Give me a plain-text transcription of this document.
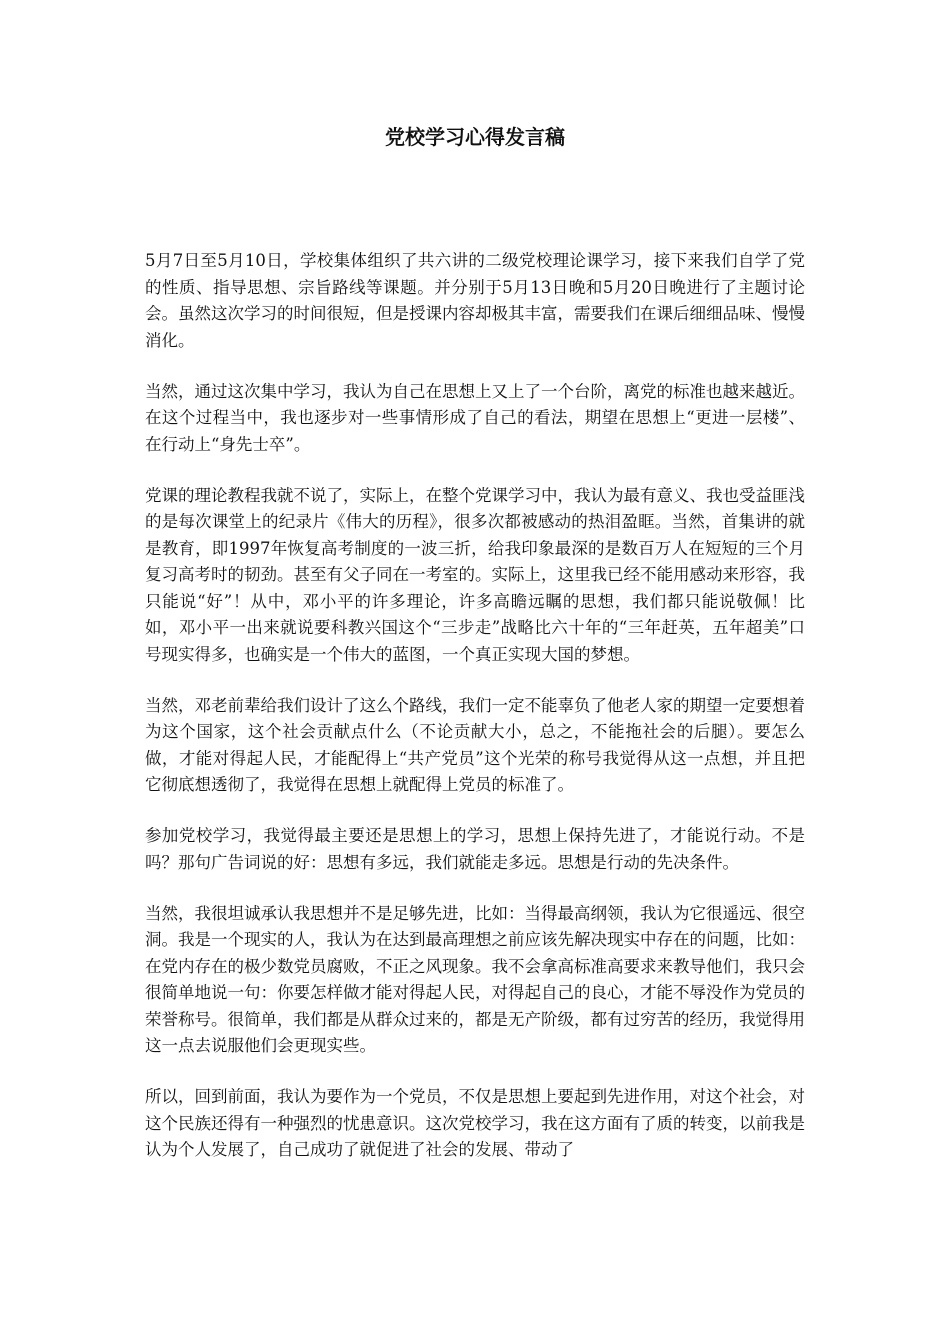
党校学习心得发言稿

5月7日至5月10日，学校集体组织了共六讲的二级党校理论课学习，接下来我们自学了党的性质、指导思想、宗旨路线等课题。并分别于5月13日晚和5月20日晚进行了主题讨论会。虽然这次学习的时间很短，但是授课内容却极其丰富，需要我们在课后细细品味、慢慢消化。

当然，通过这次集中学习，我认为自己在思想上又上了一个台阶，离党的标准也越来越近。在这个过程当中，我也逐步对一些事情形成了自己的看法，期望在思想上“更进一层楼”、在行动上“身先士卒”。

党课的理论教程我就不说了，实际上，在整个党课学习中，我认为最有意义、我也受益匪浅的是每次课堂上的纪录片《伟大的历程》，很多次都被感动的热泪盈眶。当然，首集讲的就是教育，即1997年恢复高考制度的一波三折，给我印象最深的是数百万人在短短的三个月复习高考时的韧劲。甚至有父子同在一考室的。实际上，这里我已经不能用感动来形容，我只能说“好”！从中，邓小平的许多理论，许多高瞻远瞩的思想，我们都只能说敬佩！比如，邓小平一出来就说要科教兴国这个“三步走”战略比六十年的“三年赶英，五年超美”口号现实得多，也确实是一个伟大的蓝图，一个真正实现大国的梦想。

当然，邓老前辈给我们设计了这么个路线，我们一定不能辜负了他老人家的期望一定要想着为这个国家，这个社会贡献点什么（不论贡献大小，总之，不能拖社会的后腿）。要怎么做，才能对得起人民，才能配得上“共产党员”这个光荣的称号我觉得从这一点想，并且把它彻底想透彻了，我觉得在思想上就配得上党员的标准了。

参加党校学习，我觉得最主要还是思想上的学习，思想上保持先进了，才能说行动。不是吗？那句广告词说的好：思想有多远，我们就能走多远。思想是行动的先决条件。

当然，我很坦诚承认我思想并不是足够先进，比如：当得最高纲领，我认为它很遥远、很空洞。我是一个现实的人，我认为在达到最高理想之前应该先解决现实中存在的问题，比如：在党内存在的极少数党员腐败，不正之风现象。我不会拿高标准高要求来教导他们，我只会很简单地说一句：你要怎样做才能对得起人民，对得起自己的良心，才能不辱没作为党员的荣誉称号。很简单，我们都是从群众过来的，都是无产阶级，都有过穷苦的经历，我觉得用这一点去说服他们会更现实些。

所以，回到前面，我认为要作为一个党员，不仅是思想上要起到先进作用，对这个社会，对这个民族还得有一种强烈的忧患意识。这次党校学习，我在这方面有了质的转变，以前我是认为个人发展了，自己成功了就促进了社会的发展、带动了
